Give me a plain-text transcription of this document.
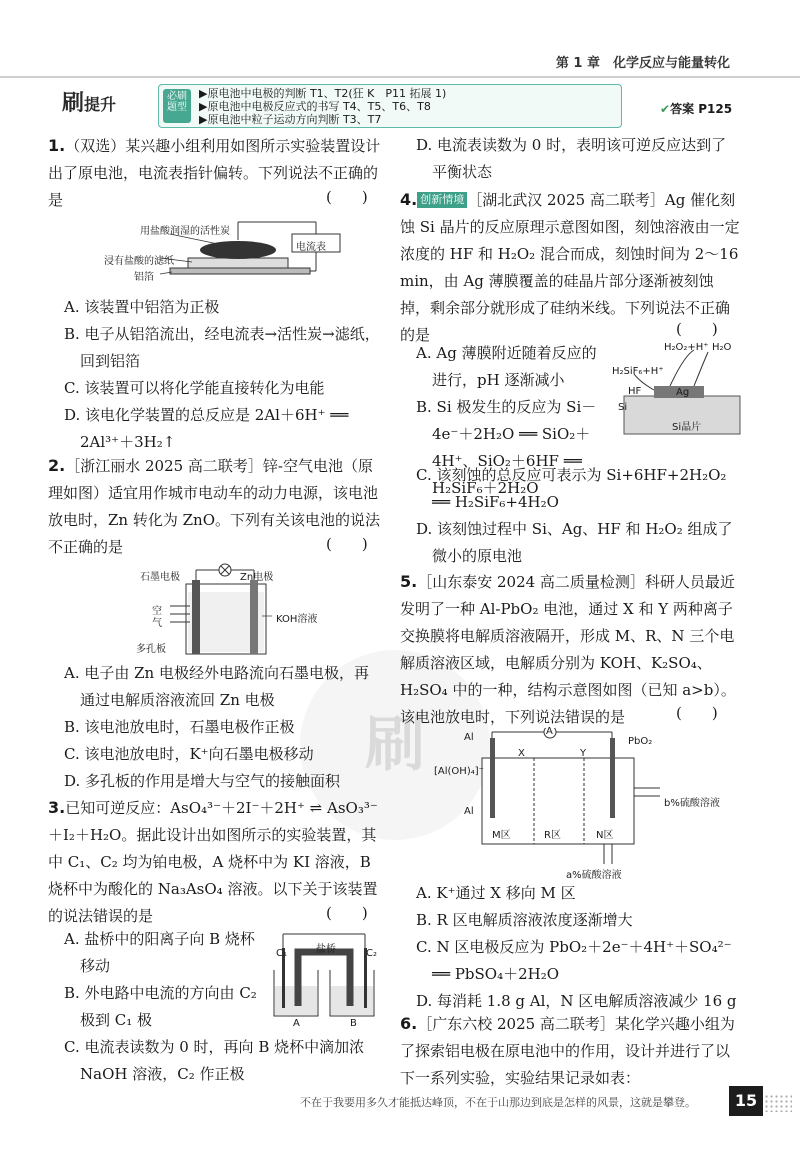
第 1 章　化学反应与能量转化
刷提升	必刷题型
▶原电池中电极的判断 T1、T2(狂 K　P11 拓展 1)
▶原电池中电极反应式的书写 T4、T5、T6、T8
▶原电池中粒子运动方向判断 T3、T7
✔答案 P125
刷

1.（双选）某兴趣小组利用如图所示实验装置设计出了原电池，电流表指针偏转。下列说法不正确的是	(　　)
用盐酸润湿的活性炭
浸有盐酸的滤纸
铝箔
电流表

A. 该装置中铝箔为正极

B. 电子从铝箔流出，经电流表→活性炭→滤纸，回到铝箔

C. 该装置可以将化学能直接转化为电能

D. 该电化学装置的总反应是 2Al＋6H⁺ ══ 2Al³⁺＋3H₂↑

2.［浙江丽水 2025 高二联考］锌-空气电池（原理如图）适宜用作城市电动车的动力电源，该电池放电时，Zn 转化为 ZnO。下列有关该电池的说法不正确的是	(　　)
石墨电极	Zn电极
空
气
多孔板
KOH溶液

A. 电子由 Zn 电极经外电路流向石墨电极，再通过电解质溶液流回 Zn 电极

B. 该电池放电时，石墨电极作正极

C. 该电池放电时，K⁺向石墨电极移动

D. 多孔板的作用是增大与空气的接触面积

3.已知可逆反应：AsO₄³⁻＋2I⁻＋2H⁺ ⇌ AsO₃³⁻＋I₂＋H₂O。据此设计出如图所示的实验装置，其中 C₁、C₂ 均为铂电极，A 烧杯中为 KI 溶液，B 烧杯中为酸化的 Na₃AsO₄ 溶液。以下关于该装置的说法错误的是	(　　)
C₁	盐桥	C₂
A	B

A. 盐桥中的阳离子向 B 烧杯移动

B. 外电路中电流的方向由 C₂ 极到 C₁ 极

C. 电流表读数为 0 时，再向 B 烧杯中滴加浓 NaOH 溶液，C₂ 作正极

D. 电流表读数为 0 时，表明该可逆反应达到了平衡状态

4. 创新情境 ［湖北武汉 2025 高二联考］Ag 催化刻蚀 Si 晶片的反应原理示意图如图，刻蚀溶液由一定浓度的 HF 和 H₂O₂ 混合而成，刻蚀时间为 2～16 min，由 Ag 薄膜覆盖的硅晶片部分逐渐被刻蚀掉，剩余部分就形成了硅纳米线。下列说法不正确的是	(　　)
H₂O₂+H⁺ H₂O
H₂SiF₆+H⁺
HF
Si
Ag
Si晶片

A. Ag 薄膜附近随着反应的进行，pH 逐渐减小

B. Si 极发生的反应为 Si－4e⁻＋2H₂O ══ SiO₂＋4H⁺、SiO₂＋6HF ══ H₂SiF₆＋2H₂O

C. 该刻蚀的总反应可表示为 Si+6HF+2H₂O₂ ══ H₂SiF₆+4H₂O

D. 该刻蚀过程中 Si、Ag、HF 和 H₂O₂ 组成了微小的原电池

5.［山东泰安 2024 高二质量检测］科研人员最近发明了一种 Al-PbO₂ 电池，通过 X 和 Y 两种离子交换膜将电解质溶液隔开，形成 M、R、N 三个电解质溶液区域，电解质分别为 KOH、K₂SO₄、H₂SO₄ 中的一种，结构示意图如图（已知 a>b）。该电池放电时，下列说法错误的是	(　　)
Al
A
PbO₂
X	Y
[Al(OH)₄]⁻
b%硫酸溶液
Al
M区	R区	N区
a%硫酸溶液

A. K⁺通过 X 移向 M 区

B. R 区电解质溶液浓度逐渐增大

C. N 区电极反应为 PbO₂＋2e⁻＋4H⁺＋SO₄²⁻ ══ PbSO₄＋2H₂O

D. 每消耗 1.8 g Al，N 区电解质溶液减少 16 g

6.［广东六校 2025 高二联考］某化学兴趣小组为了探索铝电极在原电池中的作用，设计并进行了以下一系列实验，实验结果记录如表：

不在于我要用多久才能抵达峰顶，不在于山那边到底是怎样的风景，这就是攀登。	15
